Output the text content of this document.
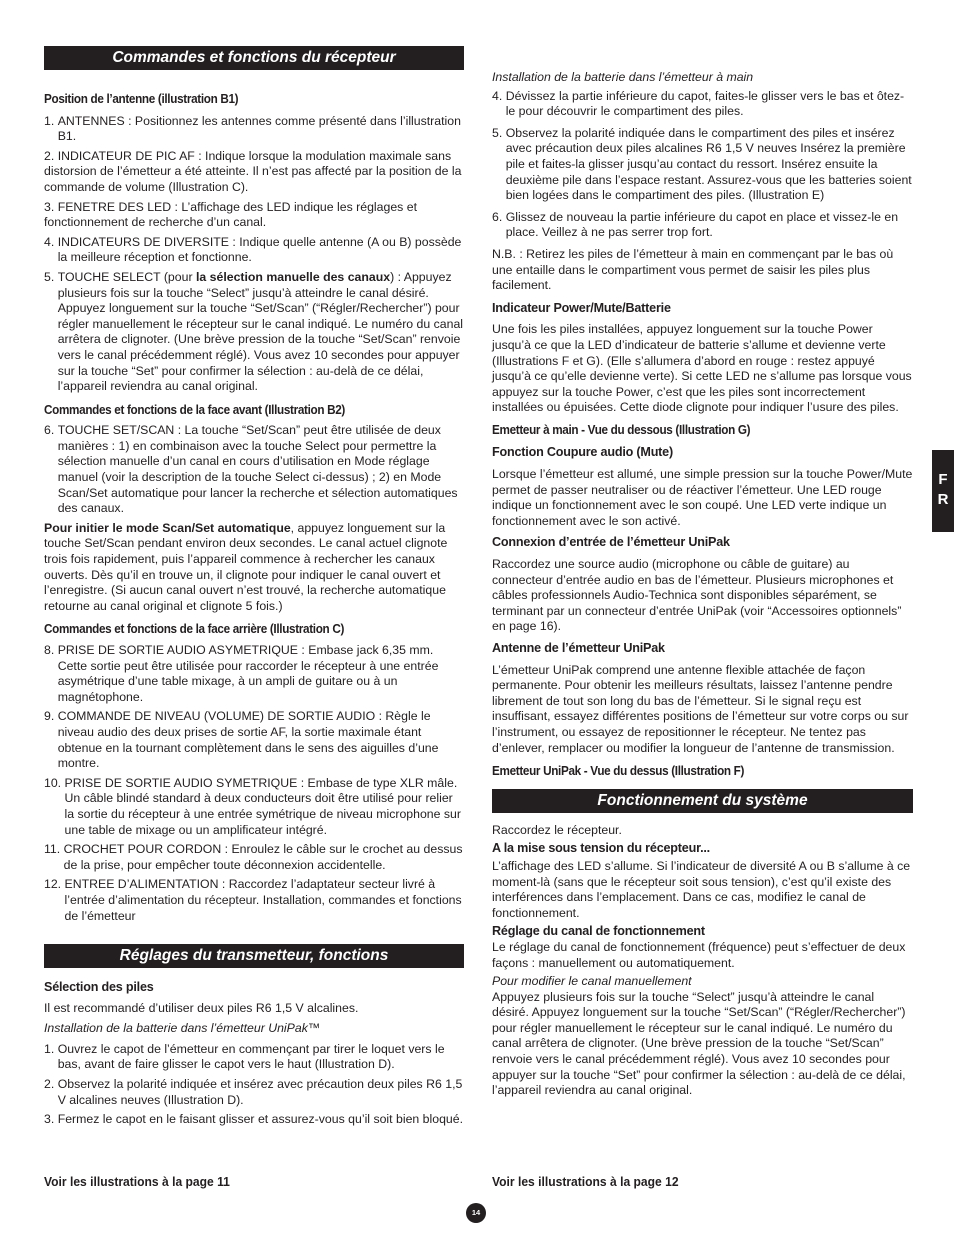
Commandes et fonctions du récepteur
Position de l’antenne (illustration B1)
1. ANTENNES : Positionnez les antennes comme présenté dans l’illustration B1.
2. INDICATEUR DE PIC AF : Indique lorsque la modulation maximale sans distorsion de l’émetteur a été atteinte. Il n’est pas affecté par la position de la commande de volume (Illustration C).
3. FENETRE DES LED : L’affichage des LED indique les réglages et fonctionnement de recherche d’un canal.
4. INDICATEURS DE DIVERSITE : Indique quelle antenne (A ou B) possède la meilleure réception et fonctionne.
5. TOUCHE SELECT (pour la sélection manuelle des canaux) : Appuyez plusieurs fois sur la touche “Select” jusqu’à atteindre le canal désiré. Appuyez longuement sur la touche “Set/Scan” (“Régler/Rechercher”) pour régler manuellement le récepteur sur le canal indiqué. Le numéro du canal arrêtera de clignoter. (Une brève pression de la touche “Set/Scan” renvoie vers le canal précédemment réglé). Vous avez 10 secondes pour appuyer sur la touche “Set” pour confirmer la sélection : au-delà de ce délai, l’appareil reviendra au canal original.
Commandes et fonctions de la face avant (Illustration B2)
6. TOUCHE SET/SCAN : La touche “Set/Scan” peut être utilisée de deux manières : 1) en combinaison avec la touche Select pour permettre la sélection manuelle d’un canal en cours d’utilisation en Mode réglage manuel (voir la description de la touche Select ci-dessus) ; 2) en Mode Scan/Set automatique pour lancer la recherche et sélection automatiques des canaux.
Pour initier le mode Scan/Set automatique, appuyez longuement sur la touche Set/Scan pendant environ deux secondes. Le canal actuel clignote trois fois rapidement, puis l’appareil commence à rechercher les canaux ouverts. Dès qu’il en trouve un, il clignote pour indiquer le canal ouvert et l’enregistre. (Si aucun canal ouvert n’est trouvé, la recherche automatique retourne au canal original et clignote 5 fois.)
Commandes et fonctions de la face arrière (Illustration C)
8. PRISE DE SORTIE AUDIO ASYMETRIQUE : Embase jack 6,35 mm. Cette sortie peut être utilisée pour raccorder le récepteur à une entrée asymétrique d’une table mixage, à un ampli de guitare ou à un magnétophone.
9. COMMANDE DE NIVEAU (VOLUME) DE SORTIE AUDIO : Règle le niveau audio des deux prises de sortie AF, la sortie maximale étant obtenue en la tournant complètement dans le sens des aiguilles d’une montre.
10. PRISE DE SORTIE AUDIO SYMETRIQUE : Embase de type XLR mâle. Un câble blindé standard à deux conducteurs doit être utilisé pour relier la sortie du récepteur à une entrée symétrique de niveau microphone sur une table de mixage ou un amplificateur intégré.
11. CROCHET POUR CORDON : Enroulez le câble sur le crochet au dessus de la prise, pour empêcher toute déconnexion accidentelle.
12. ENTREE D’ALIMENTATION : Raccordez l’adaptateur secteur livré à l’entrée d’alimentation du récepteur. Installation, commandes et fonctions de l’émetteur
Réglages du transmetteur, fonctions
Sélection des piles
Il est recommandé d’utiliser deux piles R6 1,5 V alcalines.
Installation de la batterie dans l’émetteur UniPak™
1. Ouvrez le capot de l’émetteur en commençant par tirer le loquet vers le bas, avant de faire glisser le capot vers le haut (Illustration D).
2. Observez la polarité indiquée et insérez avec précaution deux piles R6 1,5 V alcalines neuves (Illustration D).
3. Fermez le capot en le faisant glisser et assurez-vous qu’il soit bien bloqué.
Voir les illustrations à la page 11
Installation de la batterie dans l’émetteur à main
4. Dévissez la partie inférieure du capot, faites-le glisser vers le bas et ôtez-le pour découvrir le compartiment des piles.
5. Observez la polarité indiquée dans le compartiment des piles et insérez avec précaution deux piles alcalines R6 1,5 V neuves Insérez la première pile et faites-la glisser jusqu’au contact du ressort. Insérez ensuite la deuxième pile dans l’espace restant. Assurez-vous que les batteries soient bien logées dans le compartiment des piles. (Illustration E)
6. Glissez de nouveau la partie inférieure du capot en place et vissez-le en place. Veillez à ne pas serrer trop fort.
N.B. : Retirez les piles de l’émetteur à main en commençant par le bas où une entaille dans le compartiment vous permet de saisir les piles plus facilement.
Indicateur Power/Mute/Batterie
Une fois les piles installées, appuyez longuement sur la touche Power jusqu’à ce que la LED d’indicateur de batterie s’allume et devienne verte (Illustrations F et G). (Elle s’allumera d’abord en rouge : restez appuyé jusqu’à ce qu’elle devienne verte). Si cette LED ne s’allume pas lorsque vous appuyez sur la touche Power, c’est que les piles sont incorrectement installées ou épuisées. Cette diode clignote pour indiquer l’usure des piles.
Emetteur à main - Vue du dessous (Illustration G)
Fonction Coupure audio (Mute)
Lorsque l’émetteur est allumé, une simple pression sur la touche Power/Mute permet de passer neutraliser ou de réactiver l’émetteur. Une LED rouge indique un fonctionnement avec le son coupé. Une LED verte indique un fonctionnement avec le son activé.
Connexion d’entrée de l’émetteur UniPak
Raccordez une source audio (microphone ou câble de guitare) au connecteur d’entrée audio en bas de l’émetteur. Plusieurs microphones et câbles professionnels Audio-Technica sont disponibles séparément, se terminant par un connecteur d’entrée UniPak (voir “Accessoires optionnels” en page 16).
Antenne de l’émetteur UniPak
L’émetteur UniPak comprend une antenne flexible attachée de façon permanente. Pour obtenir les meilleurs résultats, laissez l’antenne pendre librement de tout son long du bas de l’émetteur. Si le signal reçu est insuffisant, essayez différentes positions de l’émetteur sur votre corps ou sur l’instrument, ou essayez de repositionner le récepteur. Ne tentez pas d’enlever, remplacer ou modifier la longueur de l’antenne de transmission.
Emetteur UniPak - Vue du dessus (Illustration F)
Fonctionnement du système
Raccordez le récepteur.
A la mise sous tension du récepteur...
L’affichage des LED s’allume. Si l’indicateur de diversité A ou B s’allume à ce moment-là (sans que le récepteur soit sous tension), c’est qu’il existe des interférences dans l’emplacement. Dans ce cas, modifiez le canal de fonctionnement.
Réglage du canal de fonctionnement
Le réglage du canal de fonctionnement (fréquence) peut s’effectuer de deux façons : manuellement ou automatiquement.
Pour modifier le canal manuellement
Appuyez plusieurs fois sur la touche “Select” jusqu’à atteindre le canal désiré. Appuyez longuement sur la touche “Set/Scan” (“Régler/Rechercher”) pour régler manuellement le récepteur sur le canal indiqué. Le numéro du canal arrêtera de clignoter. (Une brève pression de la touche “Set/Scan” renvoie vers le canal précédemment réglé). Vous avez 10 secondes pour appuyer sur la touche “Set” pour confirmer la sélection : au-delà de ce délai, l’appareil reviendra au canal original.
Voir les illustrations à la page 12
F
R
14
